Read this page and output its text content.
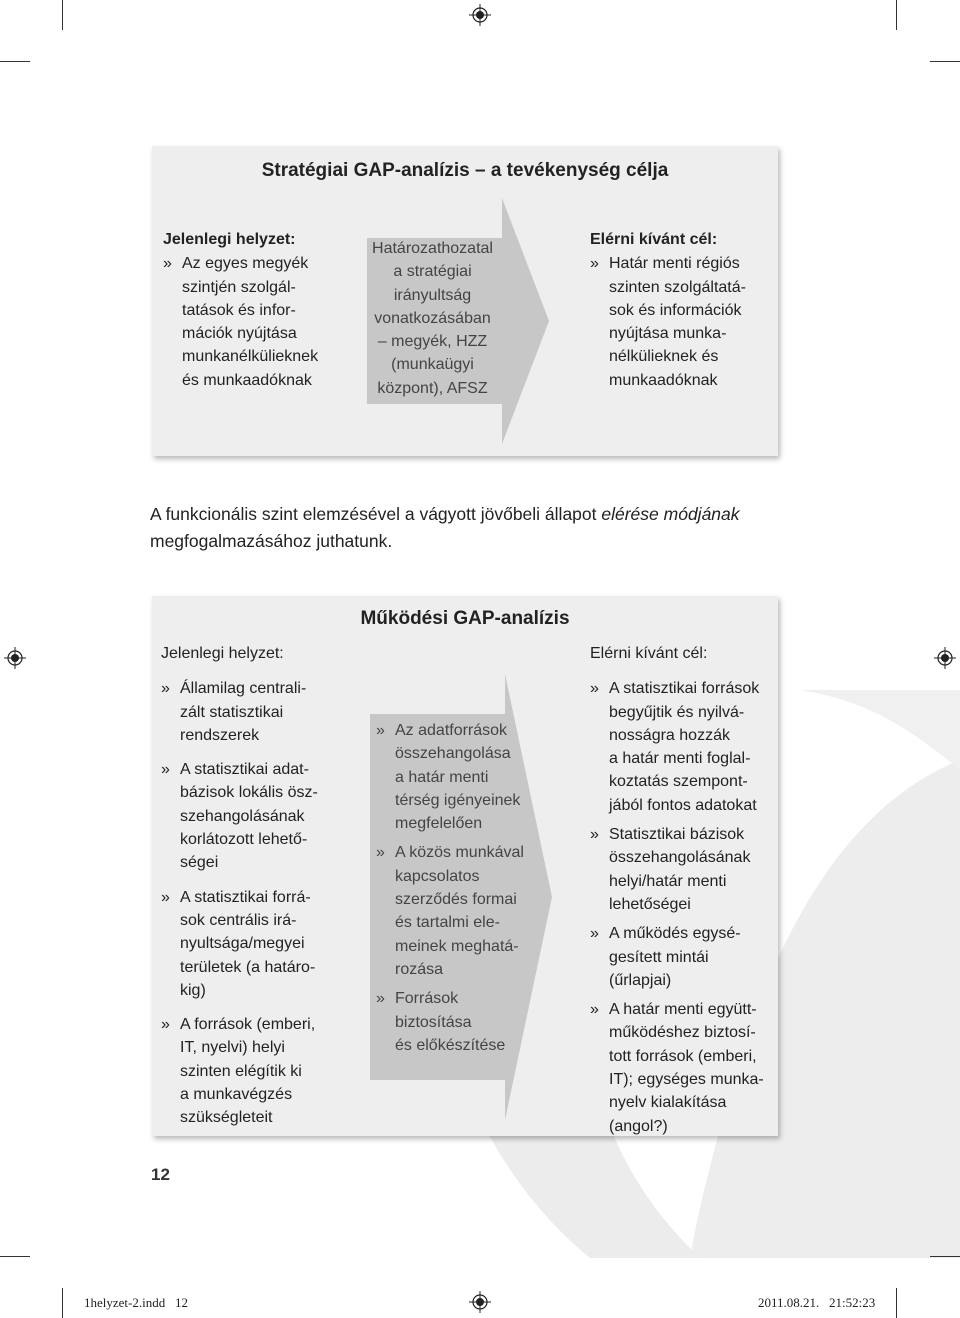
Stratégiai GAP-analízis – a tevékenység célja
Jelenlegi helyzet:
» Az egyes megyék
szintjén szolgál-
tatások és infor-
mációk nyújtása
munkanélkülieknek
és munkaadóknak
Határozathozatal
a stratégiai
irányultság
vonatkozásában
– megyék, HZZ
(munkaügyi
központ), AFSZ
Elérni kívánt cél:
» Határ menti régiós
szinten szolgáltatá-
sok és információk
nyújtása munka-
nélkülieknek és
munkaadóknak
A funkcionális szint elemzésével a vágyott jövőbeli állapot elérése módjának
megfogalmazásához juthatunk.
Működési GAP-analízis
Jelenlegi helyzet:
» Államilag centrali-
zált statisztikai
rendszerek
» A statisztikai adat-
bázisok lokális ösz-
szehangolásának
korlátozott lehető-
ségei
» A statisztikai forrá-
sok centrális irá-
nyultsága/megyei
területek (a határo-
kig)
» A források (emberi,
IT, nyelvi) helyi
szinten elégítik ki
a munkavégzés
szükségleteit
» Az adatforrások
összehangolása
a határ menti
térség igényeinek
megfelelően
» A közös munkával
kapcsolatos
szerződés formai
és tartalmi ele-
meinek meghatá-
rozása
» Források
biztosítása
és előkészítése
Elérni kívánt cél:
» A statisztikai források
begyűjtik és nyilvá-
nosságra hozzák
a határ menti foglal-
koztatás szempont-
jából fontos adatokat
» Statisztikai bázisok
összehangolásának
helyi/határ menti
lehetőségei
» A működés egysé-
gesített mintái
(űrlapjai)
» A határ menti együtt-
működéshez biztosí-
tott források (emberi,
IT); egységes munka-
nyelv kialakítása
(angol?)
12
1helyzet-2.indd   12	2011.08.21.   21:52:23
